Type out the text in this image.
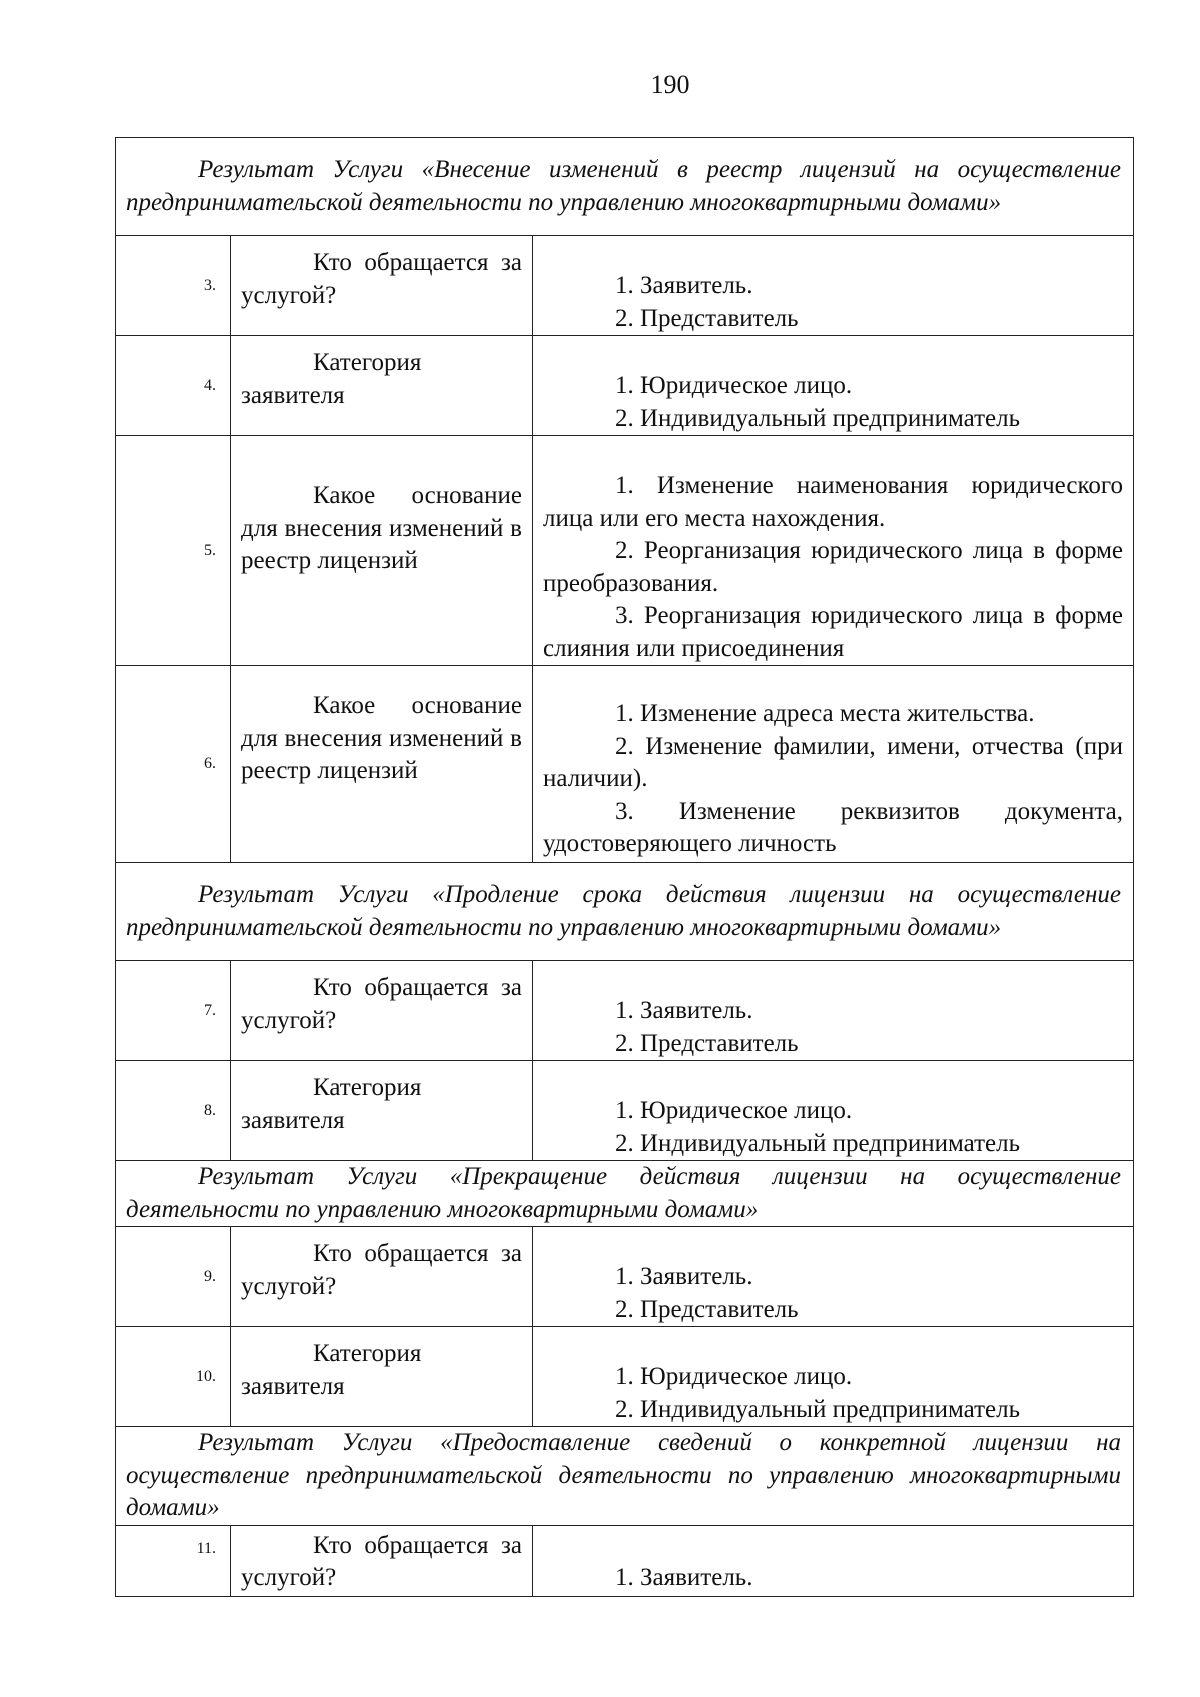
190
Результат Услуги «Внесение изменений в реестр лицензий на осуществление предпринимательской деятельности по управлению многоквартирными домами»		

3.	Кто обращается за услугой?	1. Заявитель.
2. Представитель

4.	Категория заявителя	1. Юридическое лицо.
2. Индивидуальный предприниматель

5.	Какое основание для внесения изменений в реестр лицензий	1. Изменение наименования юридического лица или его места нахождения.
2. Реорганизация юридического лица в форме преобразования.
3. Реорганизация юридического лица в форме слияния или присоединения

6.	Какое основание для внесения изменений в реестр лицензий	1. Изменение адреса места жительства.
2. Изменение фамилии, имени, отчества (при наличии).
3. Изменение реквизитов документа, удостоверяющего личность

Результат Услуги «Продление срока действия лицензии на осуществление предпринимательской деятельности по управлению многоквартирными домами»		

7.	Кто обращается за услугой?	1. Заявитель.
2. Представитель

8.	Категория заявителя	1. Юридическое лицо.
2. Индивидуальный предприниматель

Результат Услуги «Прекращение действия лицензии на осуществление деятельности по управлению многоквартирными домами»		

9.	Кто обращается за услугой?	1. Заявитель.
2. Представитель

10.	Категория заявителя	1. Юридическое лицо.
2. Индивидуальный предприниматель

Результат Услуги «Предоставление сведений о конкретной лицензии на осуществление предпринимательской деятельности по управлению многоквартирными домами»		

11.	Кто обращается за услугой?	1. Заявитель.
